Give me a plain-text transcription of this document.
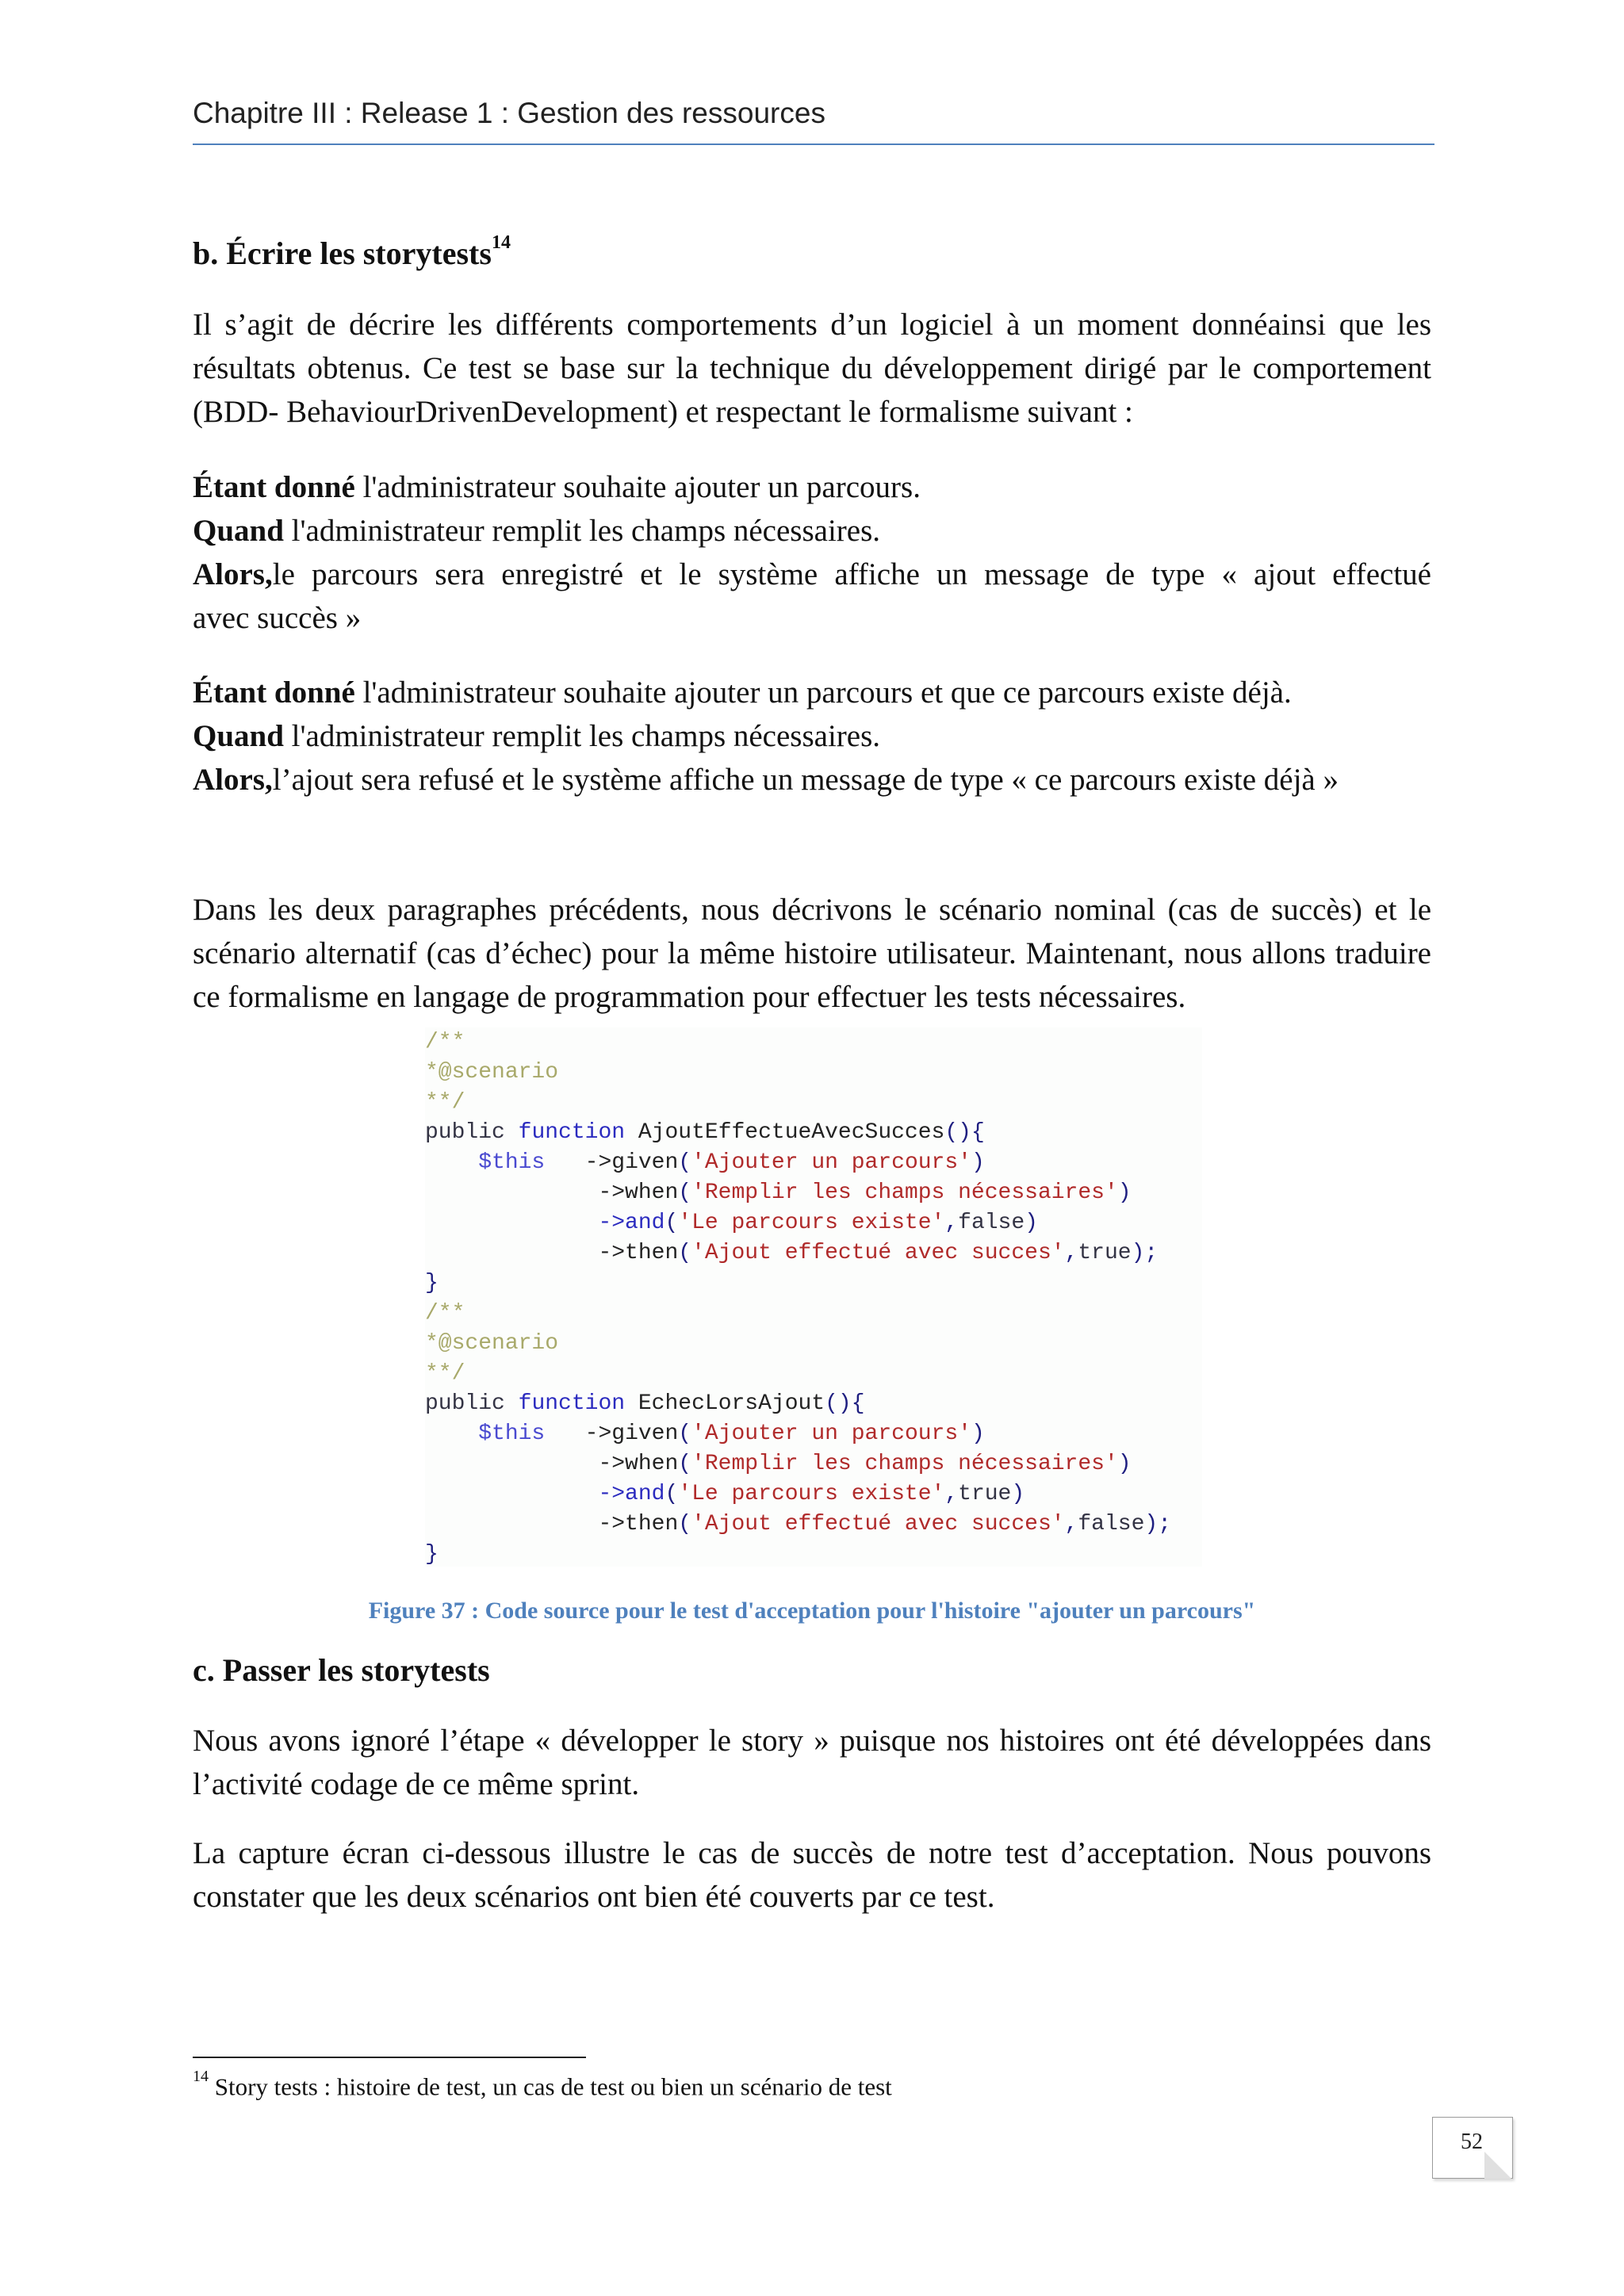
Chapitre III : Release 1 : Gestion des ressources
b. Écrire les storytests$^{14}$
Il s’agit de décrire les différents comportements d’un logiciel à un moment donnéainsi que les résultats obtenus. Ce test se base sur la technique du développement dirigé par le comportement (BDD- BehaviourDrivenDevelopment) et respectant le formalisme suivant :
Étant donné l'administrateur souhaite ajouter un parcours.
Quand l'administrateur remplit les champs nécessaires.
Alors,le parcours sera enregistré et le système affiche un message de type « ajout effectué
avec succès »
Étant donné l'administrateur souhaite ajouter un parcours et que ce parcours existe déjà.
Quand l'administrateur remplit les champs nécessaires.
Alors,l’ajout sera refusé et le système affiche un message de type « ce parcours existe déjà »
Dans les deux paragraphes précédents, nous décrivons le scénario nominal (cas de succès) et le scénario alternatif (cas d’échec) pour la même histoire utilisateur. Maintenant, nous allons traduire ce formalisme en langage de programmation pour effectuer les tests nécessaires.
/**
*@scenario
**/
public function AjoutEffectueAvecSucces(){
$this ->given('Ajouter un parcours')
->when('Remplir les champs nécessaires')
->and('Le parcours existe',false)
->then('Ajout effectué avec succes',true);
}
/**
*@scenario
**/
public function EchecLorsAjout(){
$this ->given('Ajouter un parcours')
->when('Remplir les champs nécessaires')
->and('Le parcours existe',true)
->then('Ajout effectué avec succes',false);
}
Figure 37 : Code source pour le test d'acceptation pour l'histoire "ajouter un parcours"
c. Passer les storytests
Nous avons ignoré l’étape « développer le story » puisque nos histoires ont été développées dans l’activité codage de ce même sprint.
La capture écran ci-dessous illustre le cas de succès de notre test d’acceptation. Nous pouvons constater que les deux scénarios ont bien été couverts par ce test.
$^{14}$ Story tests : histoire de test, un cas de test ou bien un scénario de test
52
